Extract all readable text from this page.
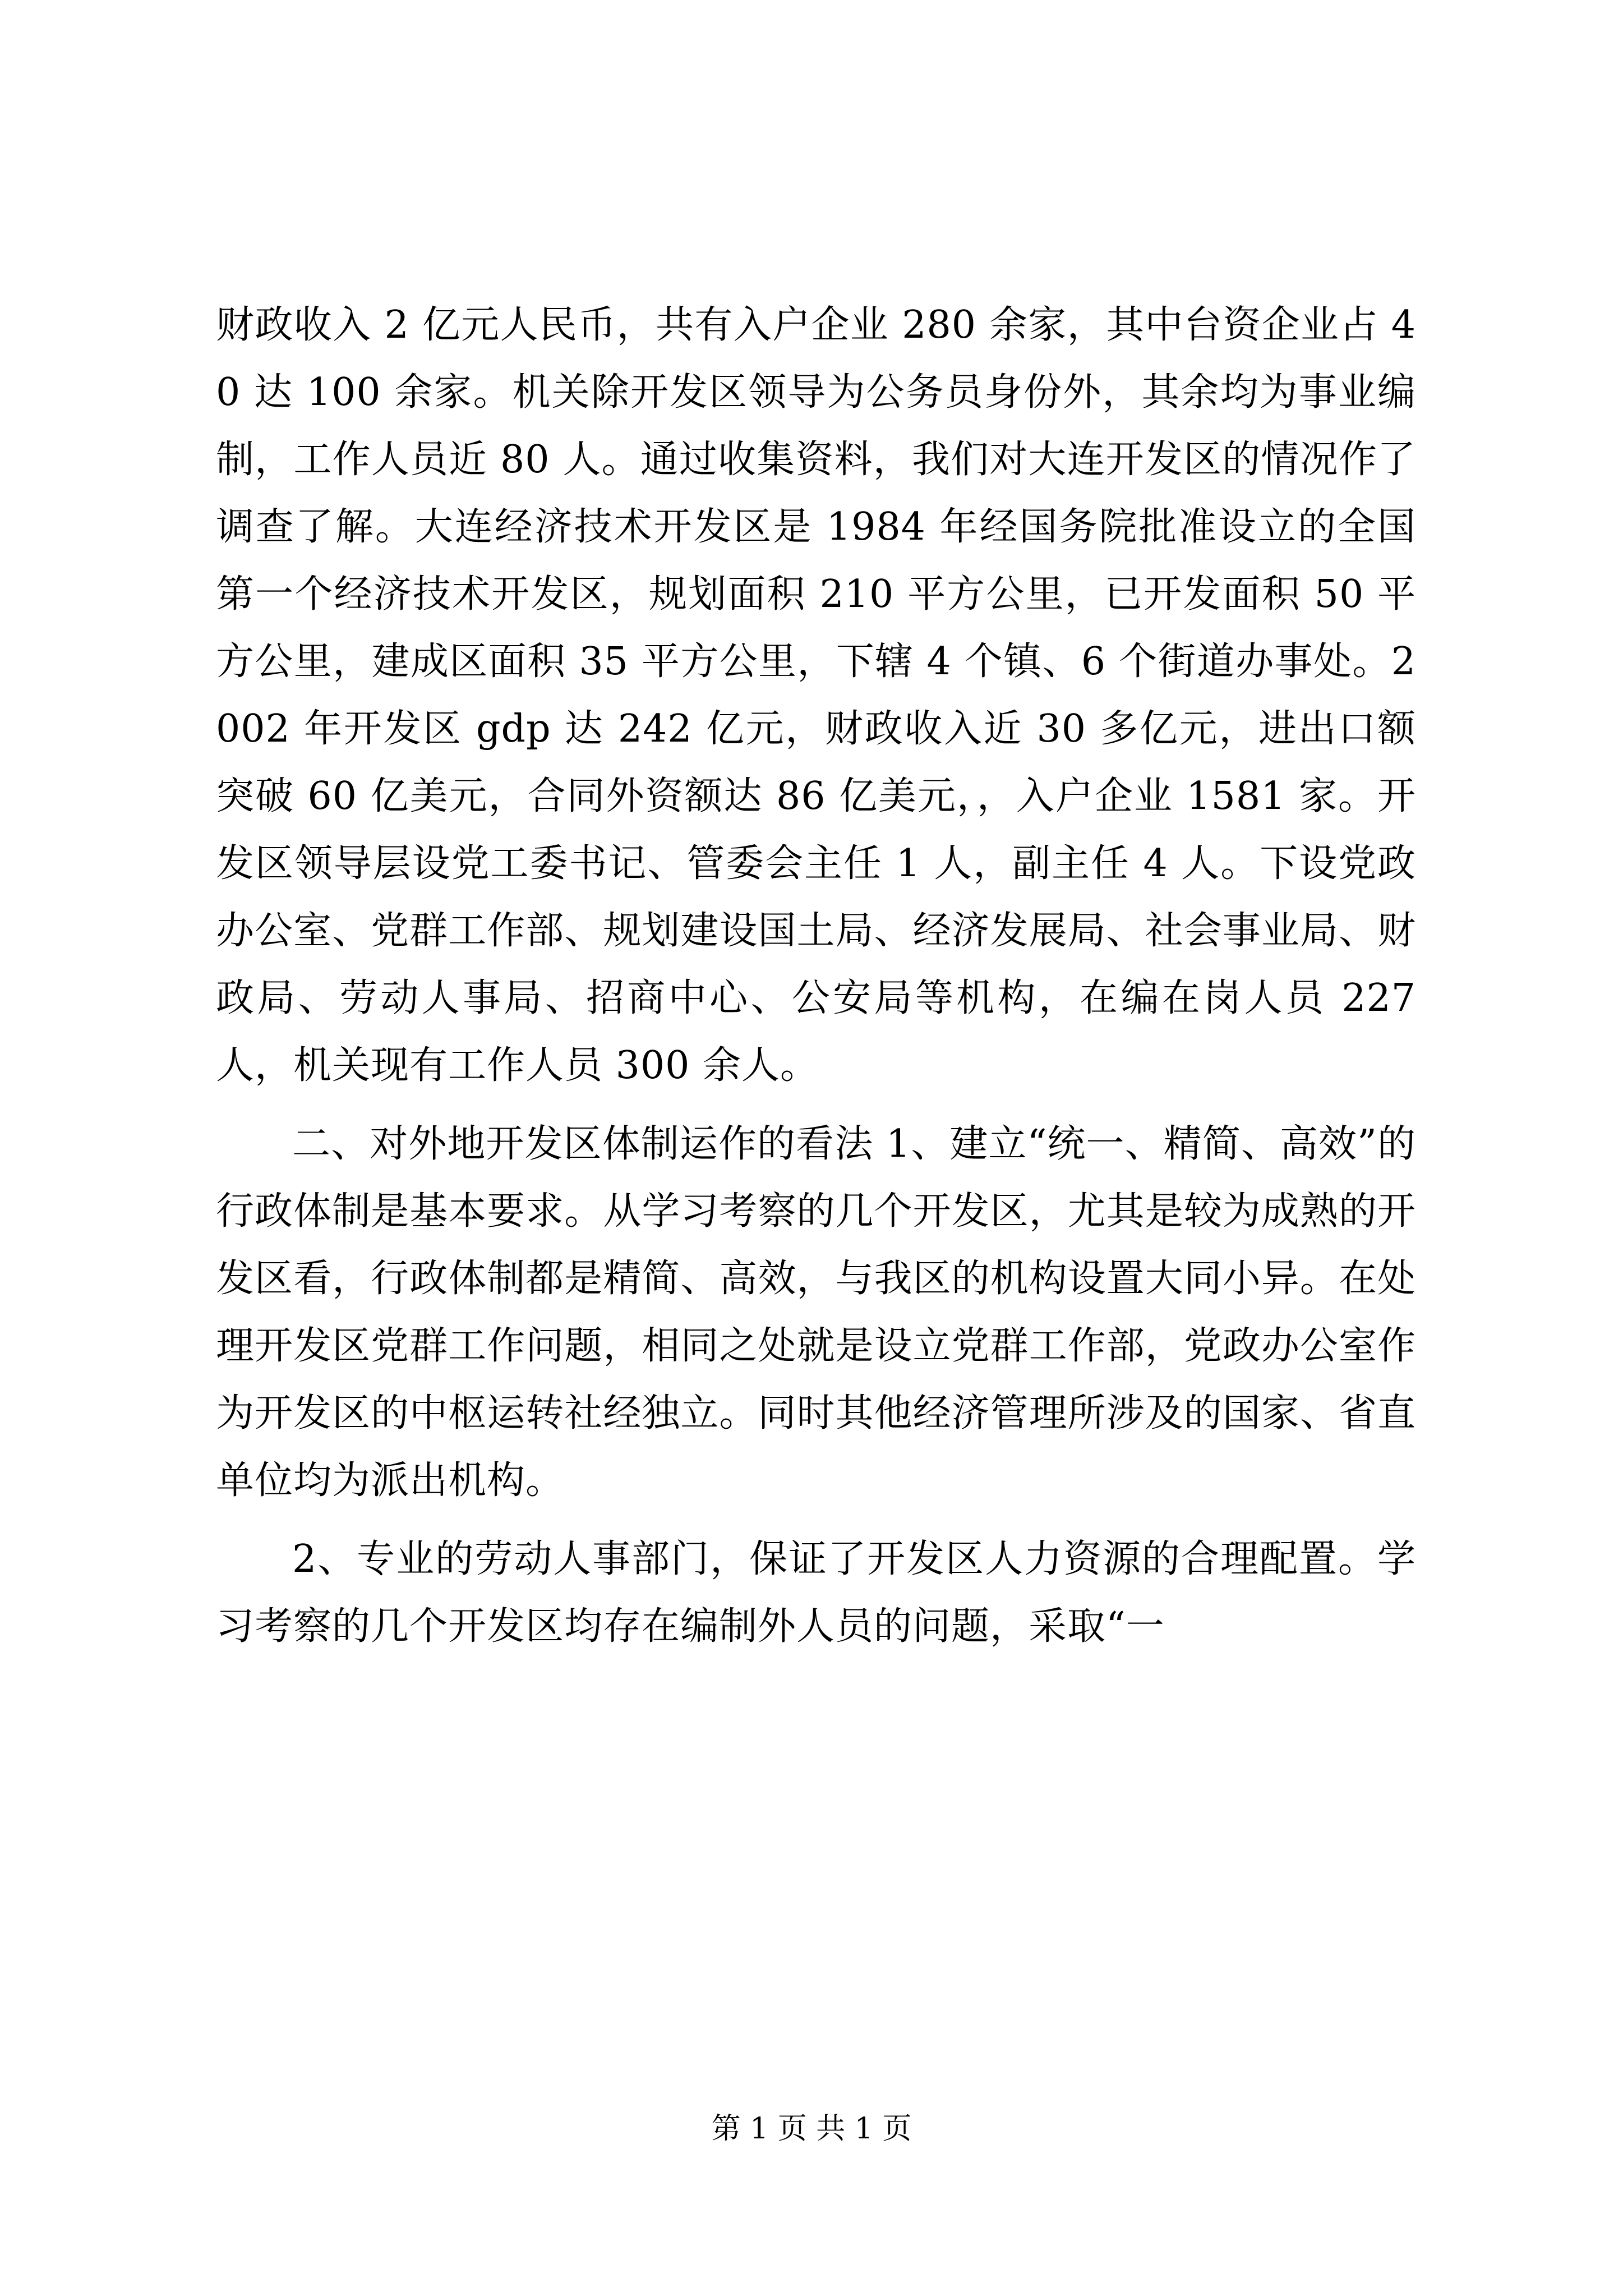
财政收入 2 亿元人民币，共有入户企业 280 余家，其中台资企业占 40 达 100 余家。机关除开发区领导为公务员身份外，其余均为事业编制，工作人员近 80 人。通过收集资料，我们对大连开发区的情况作了调查了解。大连经济技术开发区是 1984 年经国务院批准设立的全国第一个经济技术开发区，规划面积 210 平方公里，已开发面积 50 平方公里，建成区面积 35 平方公里，下辖 4 个镇、6 个街道办事处。2002 年开发区 gdp 达 242 亿元，财政收入近 30 多亿元，进出口额突破 60 亿美元，合同外资额达 86 亿美元，，入户企业 1581 家。开发区领导层设党工委书记、管委会主任 1 人，副主任 4 人。下设党政办公室、党群工作部、规划建设国土局、经济发展局、社会事业局、财政局、劳动人事局、招商中心、公安局等机构，在编在岗人员 227 人，机关现有工作人员 300 余人。

二、对外地开发区体制运作的看法 1、建立“统一、精简、高效”的行政体制是基本要求。从学习考察的几个开发区，尤其是较为成熟的开发区看，行政体制都是精简、高效，与我区的机构设置大同小异。在处理开发区党群工作问题，相同之处就是设立党群工作部，党政办公室作为开发区的中枢运转社经独立。同时其他经济管理所涉及的国家、省直单位均为派出机构。

2、专业的劳动人事部门，保证了开发区人力资源的合理配置。学习考察的几个开发区均存在编制外人员的问题，采取“一

第 1 页 共 1 页
